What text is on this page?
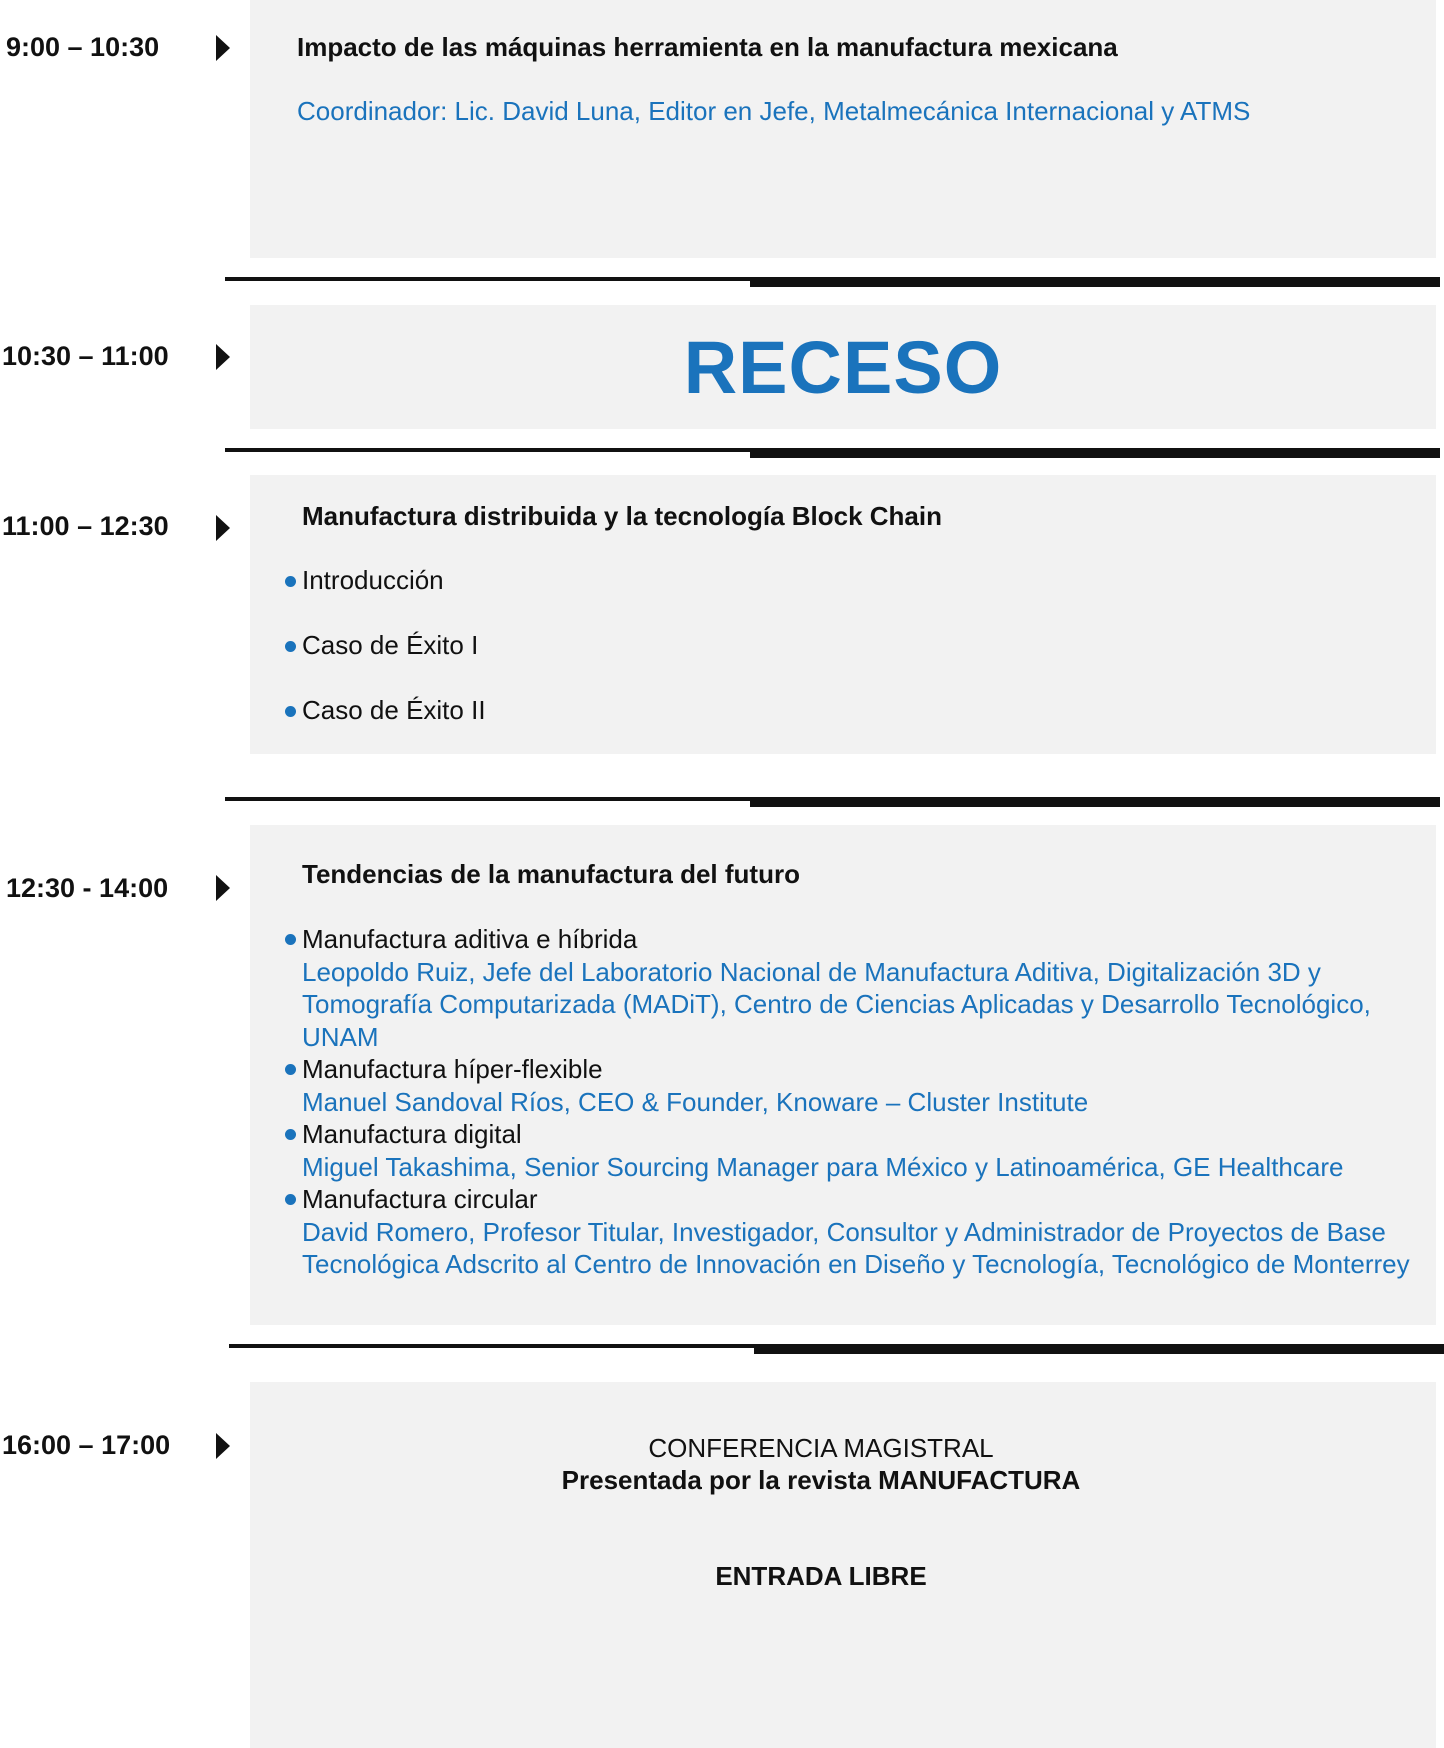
9:00 – 10:30	Impacto de las máquinas herramienta en la manufactura mexicana
Coordinador: Lic. David Luna, Editor en Jefe, Metalmecánica Internacional y ATMS
10:30 – 11:00	RECESO
11:00 – 12:30	Manufactura distribuida y la tecnología Block Chain
Introducción
Caso de Éxito I
Caso de Éxito II
12:30 - 14:00	Tendencias de la manufactura del futuro
Manufactura aditiva e híbrida
Leopoldo Ruiz, Jefe del Laboratorio Nacional de Manufactura Aditiva, Digitalización 3D y Tomografía Computarizada (MADiT), Centro de Ciencias Aplicadas y Desarrollo Tecnológico, UNAM
Manufactura híper-flexible
Manuel Sandoval Ríos, CEO & Founder, Knoware – Cluster Institute
Manufactura digital
Miguel Takashima, Senior Sourcing Manager para México y Latinoamérica, GE Healthcare
Manufactura circular
David Romero, Profesor Titular, Investigador, Consultor y Administrador de Proyectos de Base Tecnológica Adscrito al Centro de Innovación en Diseño y Tecnología, Tecnológico de Monterrey
16:00 – 17:00	CONFERENCIA MAGISTRAL
Presentada por la revista MANUFACTURA
ENTRADA LIBRE
